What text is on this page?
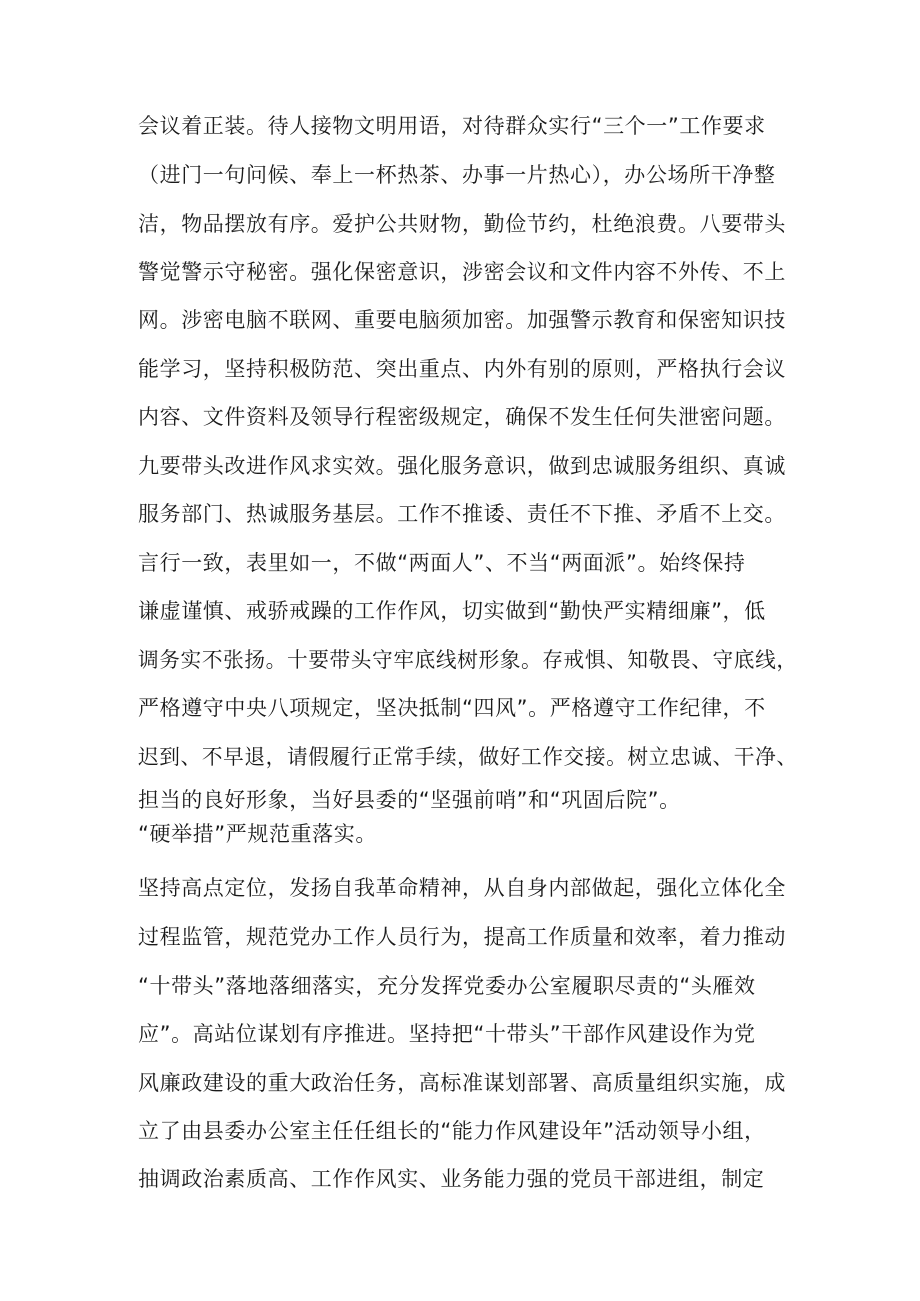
会议着正装。待人接物文明用语，对待群众实行“三个一”工作要求
（进门一句问候、奉上一杯热茶、办事一片热心），办公场所干净整
洁，物品摆放有序。爱护公共财物，勤俭节约，杜绝浪费。八要带头
警觉警示守秘密。强化保密意识，涉密会议和文件内容不外传、不上
网。涉密电脑不联网、重要电脑须加密。加强警示教育和保密知识技
能学习，坚持积极防范、突出重点、内外有别的原则，严格执行会议
内容、文件资料及领导行程密级规定，确保不发生任何失泄密问题。
九要带头改进作风求实效。强化服务意识，做到忠诚服务组织、真诚
服务部门、热诚服务基层。工作不推诿、责任不下推、矛盾不上交。
言行一致，表里如一，不做“两面人”、不当“两面派”。始终保持
谦虚谨慎、戒骄戒躁的工作作风，切实做到“勤快严实精细廉”，低
调务实不张扬。十要带头守牢底线树形象。存戒惧、知敬畏、守底线，
严格遵守中央八项规定，坚决抵制“四风”。严格遵守工作纪律，不
迟到、不早退，请假履行正常手续，做好工作交接。树立忠诚、干净、
担当的良好形象，当好县委的“坚强前哨”和“巩固后院”。
“硬举措”严规范重落实。
坚持高点定位，发扬自我革命精神，从自身内部做起，强化立体化全
过程监管，规范党办工作人员行为，提高工作质量和效率，着力推动
“十带头”落地落细落实，充分发挥党委办公室履职尽责的“头雁效
应”。高站位谋划有序推进。坚持把“十带头”干部作风建设作为党
风廉政建设的重大政治任务，高标准谋划部署、高质量组织实施，成
立了由县委办公室主任任组长的“能力作风建设年”活动领导小组，
抽调政治素质高、工作作风实、业务能力强的党员干部进组，制定
